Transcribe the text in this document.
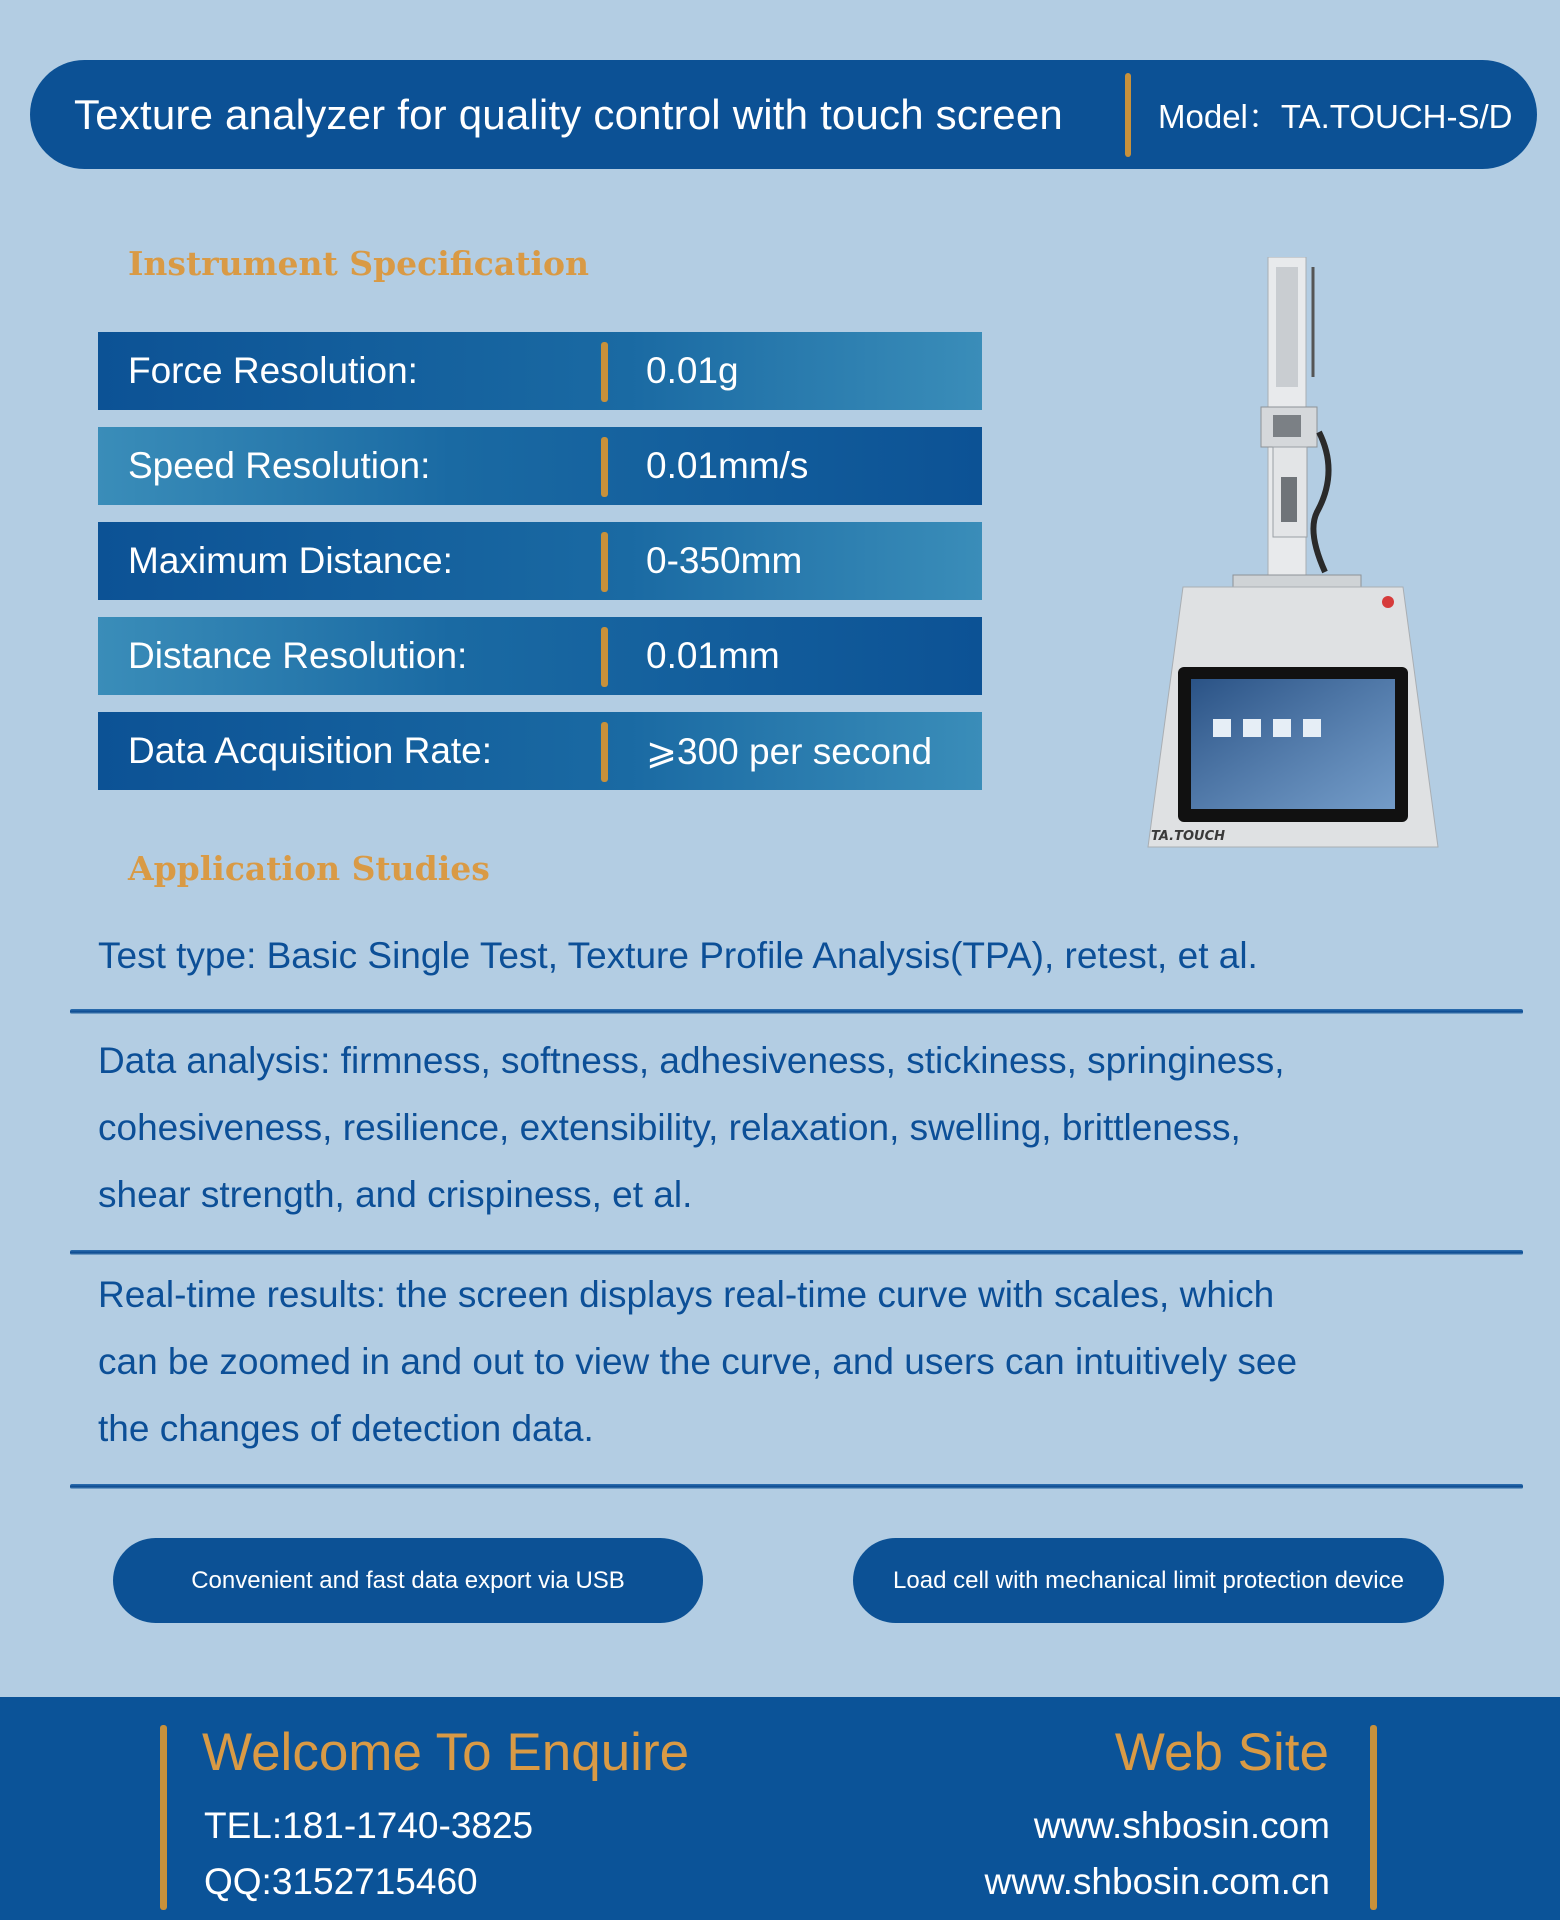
Texture analyzer for quality control with touch screen	Model：TA.TOUCH-S/D
Instrument Specification
Force Resolution:	0.01g
Speed Resolution:	0.01mm/s
Maximum Distance:	0-350mm
Distance Resolution:	0.01mm
Data Acquisition Rate:	⩾300 per second
TA.TOUCH
Application Studies
Test type: Basic Single Test, Texture Profile Analysis(TPA), retest, et al.
Data analysis: firmness, softness, adhesiveness, stickiness, springiness,
cohesiveness, resilience, extensibility, relaxation, swelling, brittleness,
shear strength, and crispiness, et al.
Real-time results: the screen displays real-time curve with scales, which
can be zoomed in and out to view the curve, and users can intuitively see
the changes of detection data.
Convenient and fast data export via USB	Load cell with mechanical limit protection device
Welcome To Enquire
TEL:181-1740-3825
QQ:3152715460
Web Site
www.shbosin.com
www.shbosin.com.cn
